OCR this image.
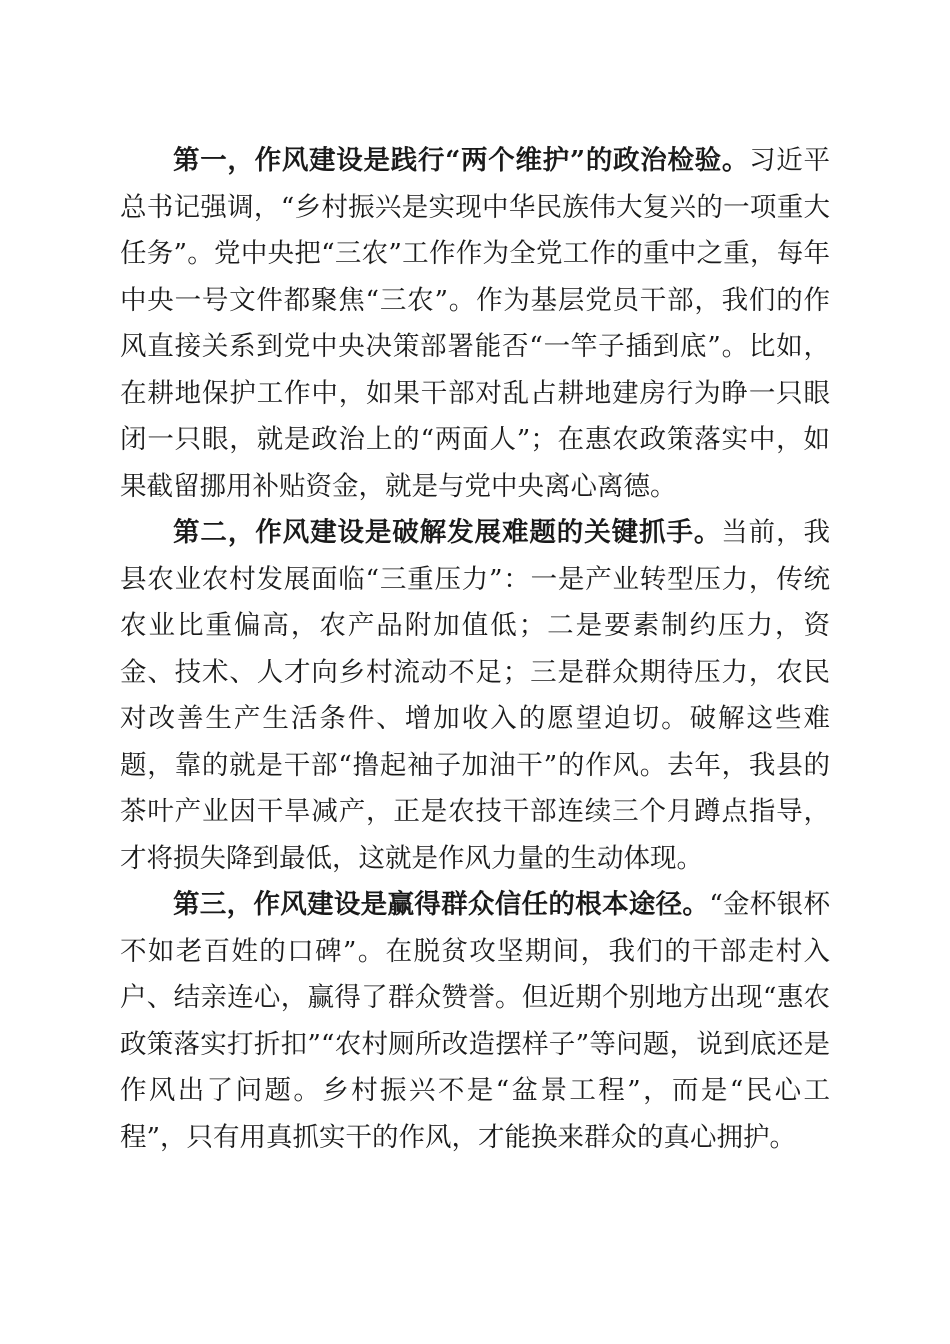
第一，作风建设是践行“两个维护”的政治检验。习近平总书记强调，“乡村振兴是实现中华民族伟大复兴的一项重大任务”。党中央把“三农”工作作为全党工作的重中之重，每年中央一号文件都聚焦“三农”。作为基层党员干部，我们的作风直接关系到党中央决策部署能否“一竿子插到底”。比如，在耕地保护工作中，如果干部对乱占耕地建房行为睁一只眼闭一只眼，就是政治上的“两面人”；在惠农政策落实中，如果截留挪用补贴资金，就是与党中央离心离德。

第二，作风建设是破解发展难题的关键抓手。当前，我县农业农村发展面临“三重压力”：一是产业转型压力，传统农业比重偏高，农产品附加值低；二是要素制约压力，资金、技术、人才向乡村流动不足；三是群众期待压力，农民对改善生产生活条件、增加收入的愿望迫切。破解这些难题，靠的就是干部“撸起袖子加油干”的作风。去年，我县的茶叶产业因干旱减产，正是农技干部连续三个月蹲点指导，才将损失降到最低，这就是作风力量的生动体现。

第三，作风建设是赢得群众信任的根本途径。“金杯银杯不如老百姓的口碑”。在脱贫攻坚期间，我们的干部走村入户、结亲连心，赢得了群众赞誉。但近期个别地方出现“惠农政策落实打折扣”“农村厕所改造摆样子”等问题，说到底还是作风出了问题。乡村振兴不是“盆景工程”，而是“民心工程”，只有用真抓实干的作风，才能换来群众的真心拥护。
